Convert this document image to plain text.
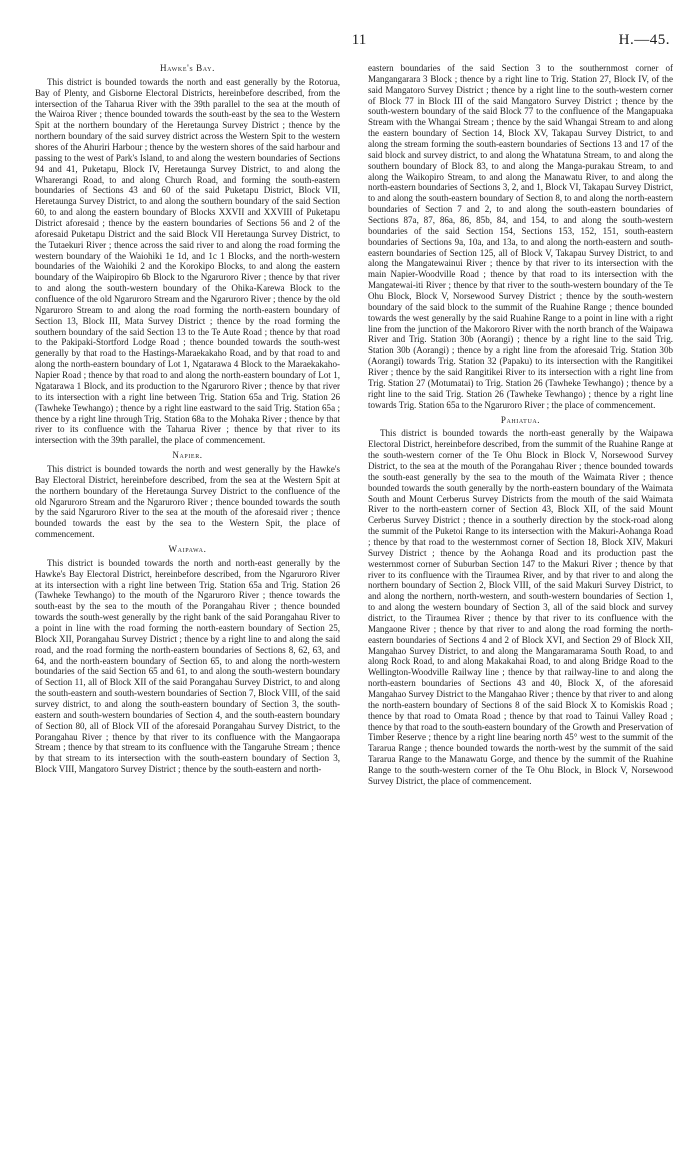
11	H.—45.
Hawke's Bay.

This district is bounded towards the north and east generally by the Rotorua, Bay of Plenty, and Gisborne Electoral Districts, hereinbefore described, from the intersection of the Taharua River with the 39th parallel to the sea at the mouth of the Wairoa River ; thence bounded towards the south-east by the sea to the Western Spit at the northern boundary of the Heretaunga Survey District ; thence by the northern boundary of the said survey district across the Western Spit to the western shores of the Ahuriri Harbour ; thence by the western shores of the said harbour and passing to the west of Park's Island, to and along the western boundaries of Sections 94 and 41, Puketapu, Block IV, Heretaunga Survey District, to and along the Wharerangi Road, to and along Church Road, and forming the south-eastern boundaries of Sections 43 and 60 of the said Puketapu District, Block VII, Heretaunga Survey District, to and along the southern boundary of the said Section 60, to and along the eastern boundary of Blocks XXVII and XXVIII of Puketapu District aforesaid ; thence by the eastern boundaries of Sections 56 and 2 of the aforesaid Puketapu District and the said Block VII Heretaunga Survey District, to the Tutaekuri River ; thence across the said river to and along the road forming the western boundary of the Waiohiki 1e 1d, and 1c 1 Blocks, and the north-western boundaries of the Waiohiki 2 and the Korokipo Blocks, to and along the eastern boundary of the Waipiropiro 6b Block to the Ngaruroro River ; thence by that river to and along the south-western boundary of the Ohika-Karewa Block to the confluence of the old Ngaruroro Stream and the Ngaruroro River ; thence by the old Ngaruroro Stream to and along the road forming the north-eastern boundary of Section 13, Block III, Mata Survey District ; thence by the road forming the southern boundary of the said Section 13 to the Te Aute Road ; thence by that road to the Pakipaki-Stortford Lodge Road ; thence bounded towards the south-west generally by that road to the Hastings-Maraekakaho Road, and by that road to and along the north-eastern boundary of Lot 1, Ngatarawa 4 Block to the Maraekakaho-Napier Road ; thence by that road to and along the north-eastern boundary of Lot 1, Ngatarawa 1 Block, and its production to the Ngaruroro River ; thence by that river to its intersection with a right line between Trig. Station 65a and Trig. Station 26 (Tawheke Tewhango) ; thence by a right line eastward to the said Trig. Station 65a ; thence by a right line through Trig. Station 68a to the Mohaka River ; thence by that river to its confluence with the Taharua River ; thence by that river to its intersection with the 39th parallel, the place of commencement.

Napier.

This district is bounded towards the north and west generally by the Hawke's Bay Electoral District, hereinbefore described, from the sea at the Western Spit at the northern boundary of the Heretaunga Survey District to the confluence of the old Ngaruroro Stream and the Ngaruroro River ; thence bounded towards the south by the said Ngaruroro River to the sea at the mouth of the aforesaid river ; thence bounded towards the east by the sea to the Western Spit, the place of commencement.

Waipawa.

This district is bounded towards the north and north-east generally by the Hawke's Bay Electoral District, hereinbefore described, from the Ngaruroro River at its intersection with a right line between Trig. Station 65a and Trig. Station 26 (Tawheke Tewhango) to the mouth of the Ngaruroro River ; thence towards the south-east by the sea to the mouth of the Porangahau River ; thence bounded towards the south-west generally by the right bank of the said Porangahau River to a point in line with the road forming the north-eastern boundary of Section 25, Block XII, Porangahau Survey District ; thence by a right line to and along the said road, and the road forming the north-eastern boundaries of Sections 8, 62, 63, and 64, and the north-eastern boundary of Section 65, to and along the north-western boundaries of the said Section 65 and 61, to and along the south-western boundary of Section 11, all of Block XII of the said Porangahau Survey District, to and along the south-eastern and south-western boundaries of Section 7, Block VIII, of the said survey district, to and along the south-eastern boundary of Section 3, the south-eastern and south-western boundaries of Section 4, and the south-eastern boundary of Section 80, all of Block VII of the aforesaid Porangahau Survey District, to the Porangahau River ; thence by that river to its confluence with the Mangaorapa Stream ; thence by that stream to its confluence with the Tangaruhe Stream ; thence by that stream to its intersection with the south-eastern boundary of Section 3, Block VIII, Mangatoro Survey District ; thence by the south-eastern and north-

eastern boundaries of the said Section 3 to the southernmost corner of Mangangarara 3 Block ; thence by a right line to Trig. Station 27, Block IV, of the said Mangatoro Survey District ; thence by a right line to the south-western corner of Block 77 in Block III of the said Mangatoro Survey District ; thence by the south-western boundary of the said Block 77 to the confluence of the Mangapuaka Stream with the Whangai Stream ; thence by the said Whangai Stream to and along the eastern boundary of Section 14, Block XV, Takapau Survey District, to and along the stream forming the south-eastern boundaries of Sections 13 and 17 of the said block and survey district, to and along the Whatatuna Stream, to and along the southern boundary of Block 83, to and along the Manga-purakau Stream, to and along the Waikopiro Stream, to and along the Manawatu River, to and along the north-eastern boundaries of Sections 3, 2, and 1, Block VI, Takapau Survey District, to and along the south-eastern boundary of Section 8, to and along the north-eastern boundaries of Section 7 and 2, to and along the south-eastern boundaries of Sections 87a, 87, 86a, 86, 85b, 84, and 154, to and along the south-western boundaries of the said Section 154, Sections 153, 152, 151, south-eastern boundaries of Sections 9a, 10a, and 13a, to and along the north-eastern and south-eastern boundaries of Section 125, all of Block V, Takapau Survey District, to and along the Mangatewainui River ; thence by that river to its intersection with the main Napier-Woodville Road ; thence by that road to its intersection with the Mangatewai-iti River ; thence by that river to the south-western boundary of the Te Ohu Block, Block V, Norsewood Survey District ; thence by the south-western boundary of the said block to the summit of the Ruahine Range ; thence bounded towards the west generally by the said Ruahine Range to a point in line with a right line from the junction of the Makororo River with the north branch of the Waipawa River and Trig. Station 30b (Aorangi) ; thence by a right line to the said Trig. Station 30b (Aorangi) ; thence by a right line from the aforesaid Trig. Station 30b (Aorangi) towards Trig. Station 32 (Papaku) to its intersection with the Rangitikei River ; thence by the said Rangitikei River to its intersection with a right line from Trig. Station 27 (Motumatai) to Trig. Station 26 (Tawheke Tewhango) ; thence by a right line to the said Trig. Station 26 (Tawheke Tewhango) ; thence by a right line towards Trig. Station 65a to the Ngaruroro River ; the place of commencement.

Pahiatua.

This district is bounded towards the north-east generally by the Waipawa Electoral District, hereinbefore described, from the summit of the Ruahine Range at the south-western corner of the Te Ohu Block in Block V, Norsewood Survey District, to the sea at the mouth of the Porangahau River ; thence bounded towards the south-east generally by the sea to the mouth of the Waimata River ; thence bounded towards the south generally by the north-eastern boundary of the Waimata South and Mount Cerberus Survey Districts from the mouth of the said Waimata River to the north-eastern corner of Section 43, Block XII, of the said Mount Cerberus Survey District ; thence in a southerly direction by the stock-road along the summit of the Puketoi Range to its intersection with the Makuri-Aohanga Road ; thence by that road to the westernmost corner of Section 18, Block XIV, Makuri Survey District ; thence by the Aohanga Road and its production past the westernmost corner of Suburban Section 147 to the Makuri River ; thence by that river to its confluence with the Tiraumea River, and by that river to and along the northern boundary of Section 2, Block VIII, of the said Makuri Survey District, to and along the northern, north-western, and south-western boundaries of Section 1, to and along the western boundary of Section 3, all of the said block and survey district, to the Tiraumea River ; thence by that river to its confluence with the Mangaone River ; thence by that river to and along the road forming the north-eastern boundaries of Sections 4 and 2 of Block XVI, and Section 29 of Block XII, Mangahao Survey District, to and along the Mangaramarama South Road, to and along Rock Road, to and along Makakahai Road, to and along Bridge Road to the Wellington-Woodville Railway line ; thence by that railway-line to and along the north-eastern boundaries of Sections 43 and 40, Block X, of the aforesaid Mangahao Survey District to the Mangahao River ; thence by that river to and along the north-eastern boundary of Sections 8 of the said Block X to Komiskis Road ; thence by that road to Omata Road ; thence by that road to Tainui Valley Road ; thence by that road to the south-eastern boundary of the Growth and Preservation of Timber Reserve ; thence by a right line bearing north 45° west to the summit of the Tararua Range ; thence bounded towards the north-west by the summit of the said Tararua Range to the Manawatu Gorge, and thence by the summit of the Ruahine Range to the south-western corner of the Te Ohu Block, in Block V, Norsewood Survey District, the place of commencement.
